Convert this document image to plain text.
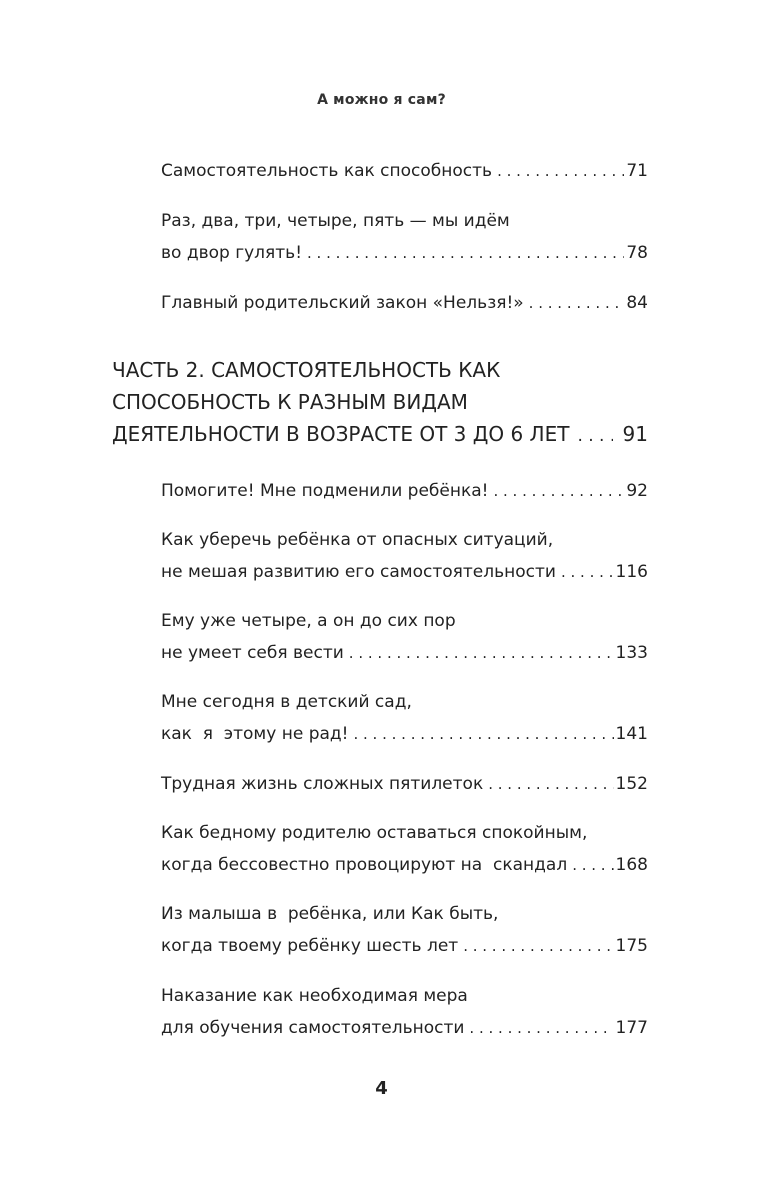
А можно я сам?
Самостоятельность как способность . . .	71
Раз, два, три, четыре, пять — мы идём
во двор гулять! . . .	78
Главный родительский закон «Нельзя!» . . .	84
ЧАСТЬ 2. САМОСТОЯТЕЛЬНОСТЬ КАК
СПОСОБНОСТЬ К РАЗНЫМ ВИДАМ
ДЕЯТЕЛЬНОСТИ В ВОЗРАСТЕ ОТ 3 ДО 6 ЛЕТ . . .	91
Помогите! Мне подменили ребёнка! . . .	92
Как уберечь ребёнка от опасных ситуаций,
не мешая развитию его самостоятельности . . .	116
Ему уже четыре, а он до сих пор
не умеет себя вести . . .	133
Мне сегодня в детский сад,
как  я  этому не рад! . . .	141
Трудная жизнь сложных пятилеток . . .	152
Как бедному родителю оставаться спокойным,
когда бессовестно провоцируют на  скандал . . .	168
Из малыша в  ребёнка, или Как быть,
когда твоему ребёнку шесть лет . . .	175
Наказание как необходимая мера
для обучения самостоятельности . . .	177
4
